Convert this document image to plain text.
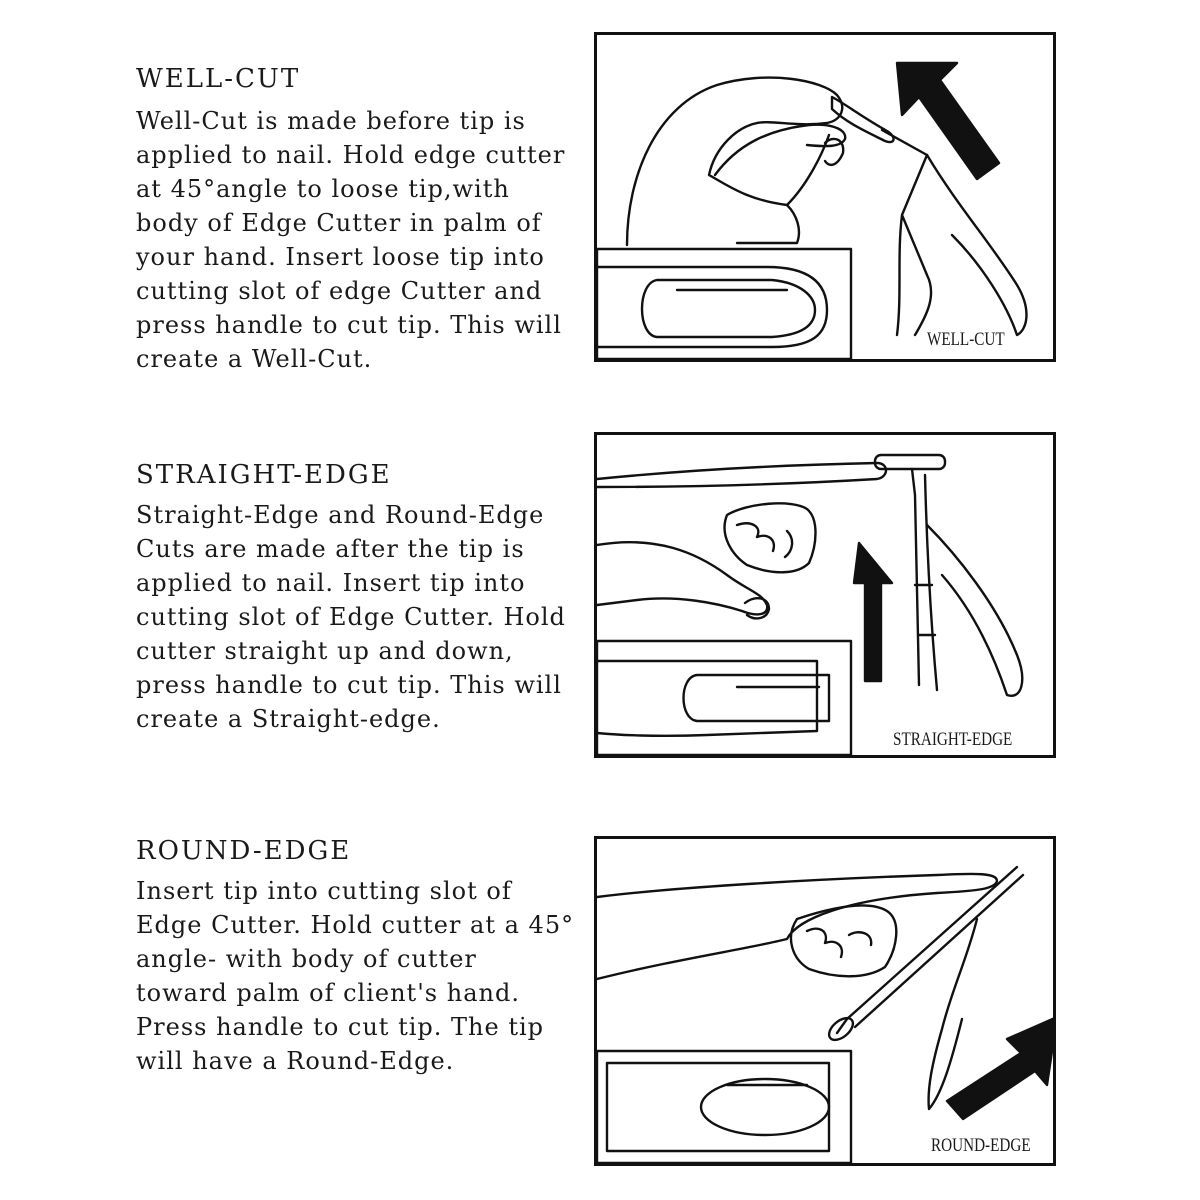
WELL-CUT

Well-Cut is made before tip is
applied to nail. Hold edge cutter
at 45°angle to loose tip,with
body of Edge Cutter in palm of
your hand. Insert loose tip into
cutting slot of edge Cutter and
press handle to cut tip. This will
create a Well-Cut.

WELL-CUT
STRAIGHT-EDGE

Straight-Edge and Round-Edge
Cuts are made after the tip is
applied to nail. Insert tip into
cutting slot of Edge Cutter. Hold
cutter straight up and down,
press handle to cut tip. This will
create a Straight-edge.

STRAIGHT-EDGE
ROUND-EDGE

Insert tip into cutting slot of
Edge Cutter. Hold cutter at a 45°
angle- with body of cutter
toward palm of client's hand.
Press handle to cut tip. The tip
will have a Round-Edge.

ROUND-EDGE
